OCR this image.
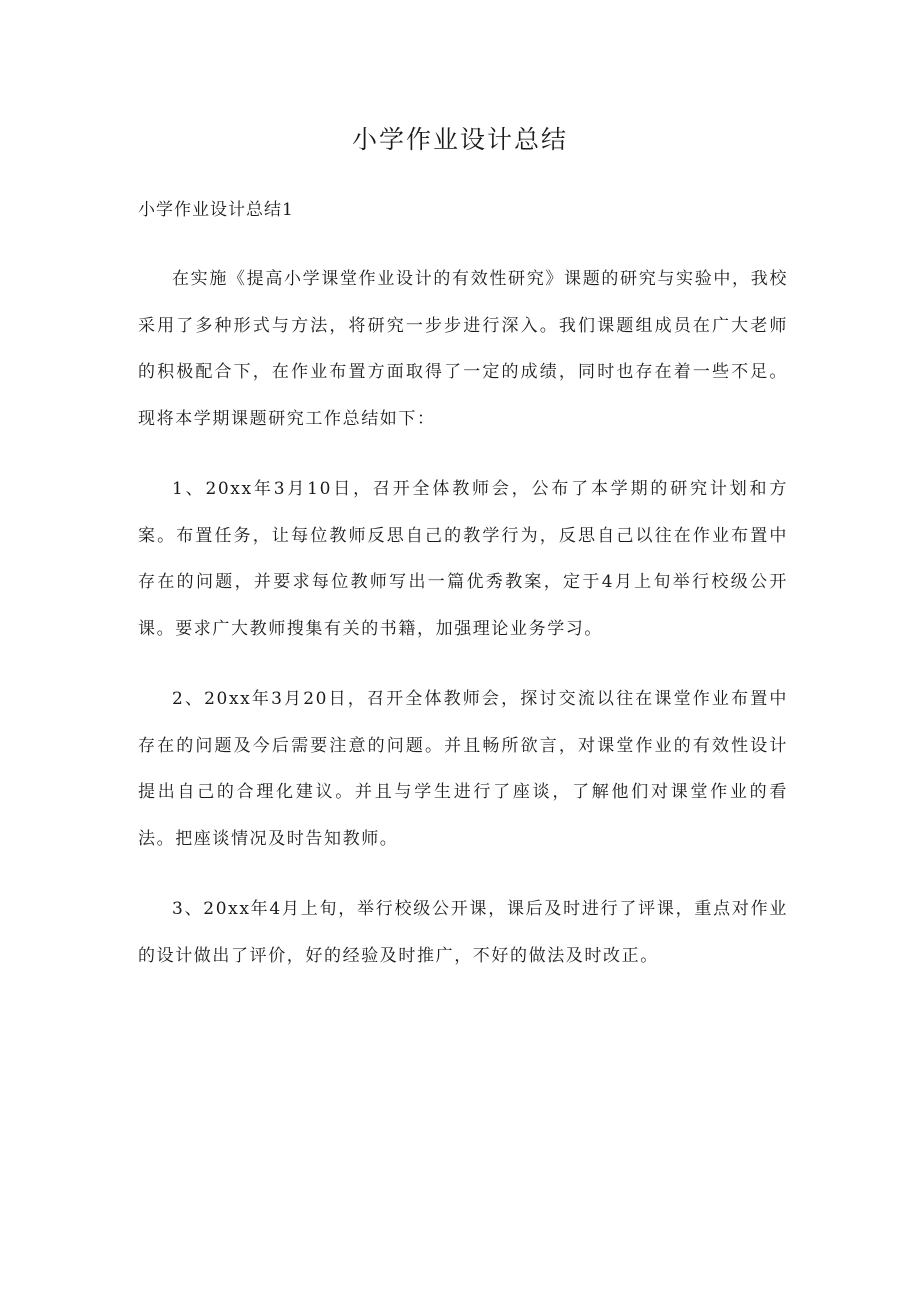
小学作业设计总结
小学作业设计总结1

在实施《提高小学课堂作业设计的有效性研究》课题的研究与实验中，我校采用了多种形式与方法，将研究一步步进行深入。我们课题组成员在广大老师的积极配合下，在作业布置方面取得了一定的成绩，同时也存在着一些不足。现将本学期课题研究工作总结如下：

1、20xx年3月10日，召开全体教师会，公布了本学期的研究计划和方案。布置任务，让每位教师反思自己的教学行为，反思自己以往在作业布置中存在的问题，并要求每位教师写出一篇优秀教案，定于4月上旬举行校级公开课。要求广大教师搜集有关的书籍，加强理论业务学习。

2、20xx年3月20日，召开全体教师会，探讨交流以往在课堂作业布置中存在的问题及今后需要注意的问题。并且畅所欲言，对课堂作业的有效性设计提出自己的合理化建议。并且与学生进行了座谈，了解他们对课堂作业的看法。把座谈情况及时告知教师。

3、20xx年4月上旬，举行校级公开课，课后及时进行了评课，重点对作业的设计做出了评价，好的经验及时推广，不好的做法及时改正。
